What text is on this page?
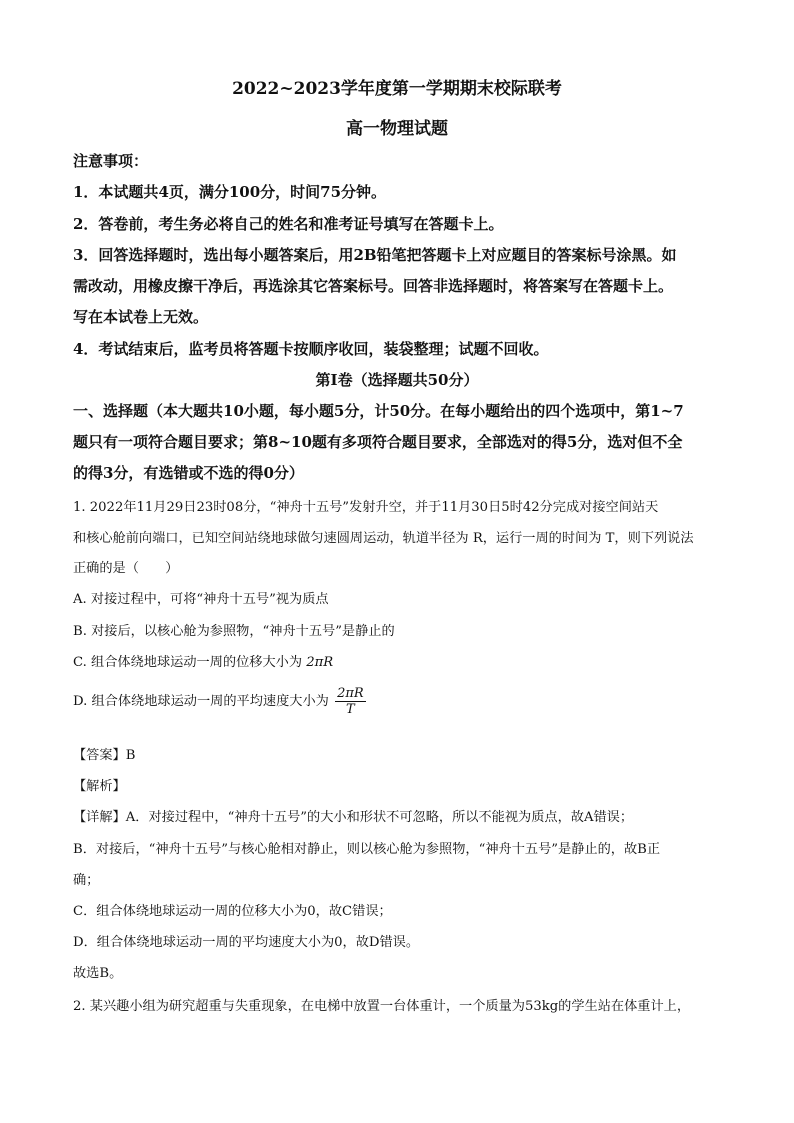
2022~2023学年度第一学期期末校际联考
高一物理试题
注意事项：
1．本试题共4页，满分100分，时间75分钟。
2．答卷前，考生务必将自己的姓名和准考证号填写在答题卡上。
3．回答选择题时，选出每小题答案后，用2B铅笔把答题卡上对应题目的答案标号涂黑。如
需改动，用橡皮擦干净后，再选涂其它答案标号。回答非选择题时，将答案写在答题卡上。
写在本试卷上无效。
4．考试结束后，监考员将答题卡按顺序收回，装袋整理；试题不回收。
第I卷（选择题共50分）
一、选择题（本大题共10小题，每小题5分，计50分。在每小题给出的四个选项中，第1~7
题只有一项符合题目要求；第8~10题有多项符合题目要求，全部选对的得5分，选对但不全
的得3分，有选错或不选的得0分）
1. 2022年11月29日23时08分，“神舟十五号”发射升空，并于11月30日5时42分完成对接空间站天
和核心舱前向端口，已知空间站绕地球做匀速圆周运动，轨道半径为 R，运行一周的时间为 T，则下列说法
正确的是（　　）
A. 对接过程中，可将“神舟十五号”视为质点
B. 对接后，以核心舱为参照物，“神舟十五号”是静止的
C. 组合体绕地球运动一周的位移大小为 2πR
D. 组合体绕地球运动一周的平均速度大小为 $\frac{2\pi R}{T}$
【答案】B
【解析】
【详解】A．对接过程中，“神舟十五号”的大小和形状不可忽略，所以不能视为质点，故A错误；
B．对接后，“神舟十五号”与核心舱相对静止，则以核心舱为参照物，“神舟十五号”是静止的，故B正
确；
C．组合体绕地球运动一周的位移大小为0，故C错误；
D．组合体绕地球运动一周的平均速度大小为0，故D错误。
故选B。
2. 某兴趣小组为研究超重与失重现象，在电梯中放置一台体重计，一个质量为53kg的学生站在体重计上，
